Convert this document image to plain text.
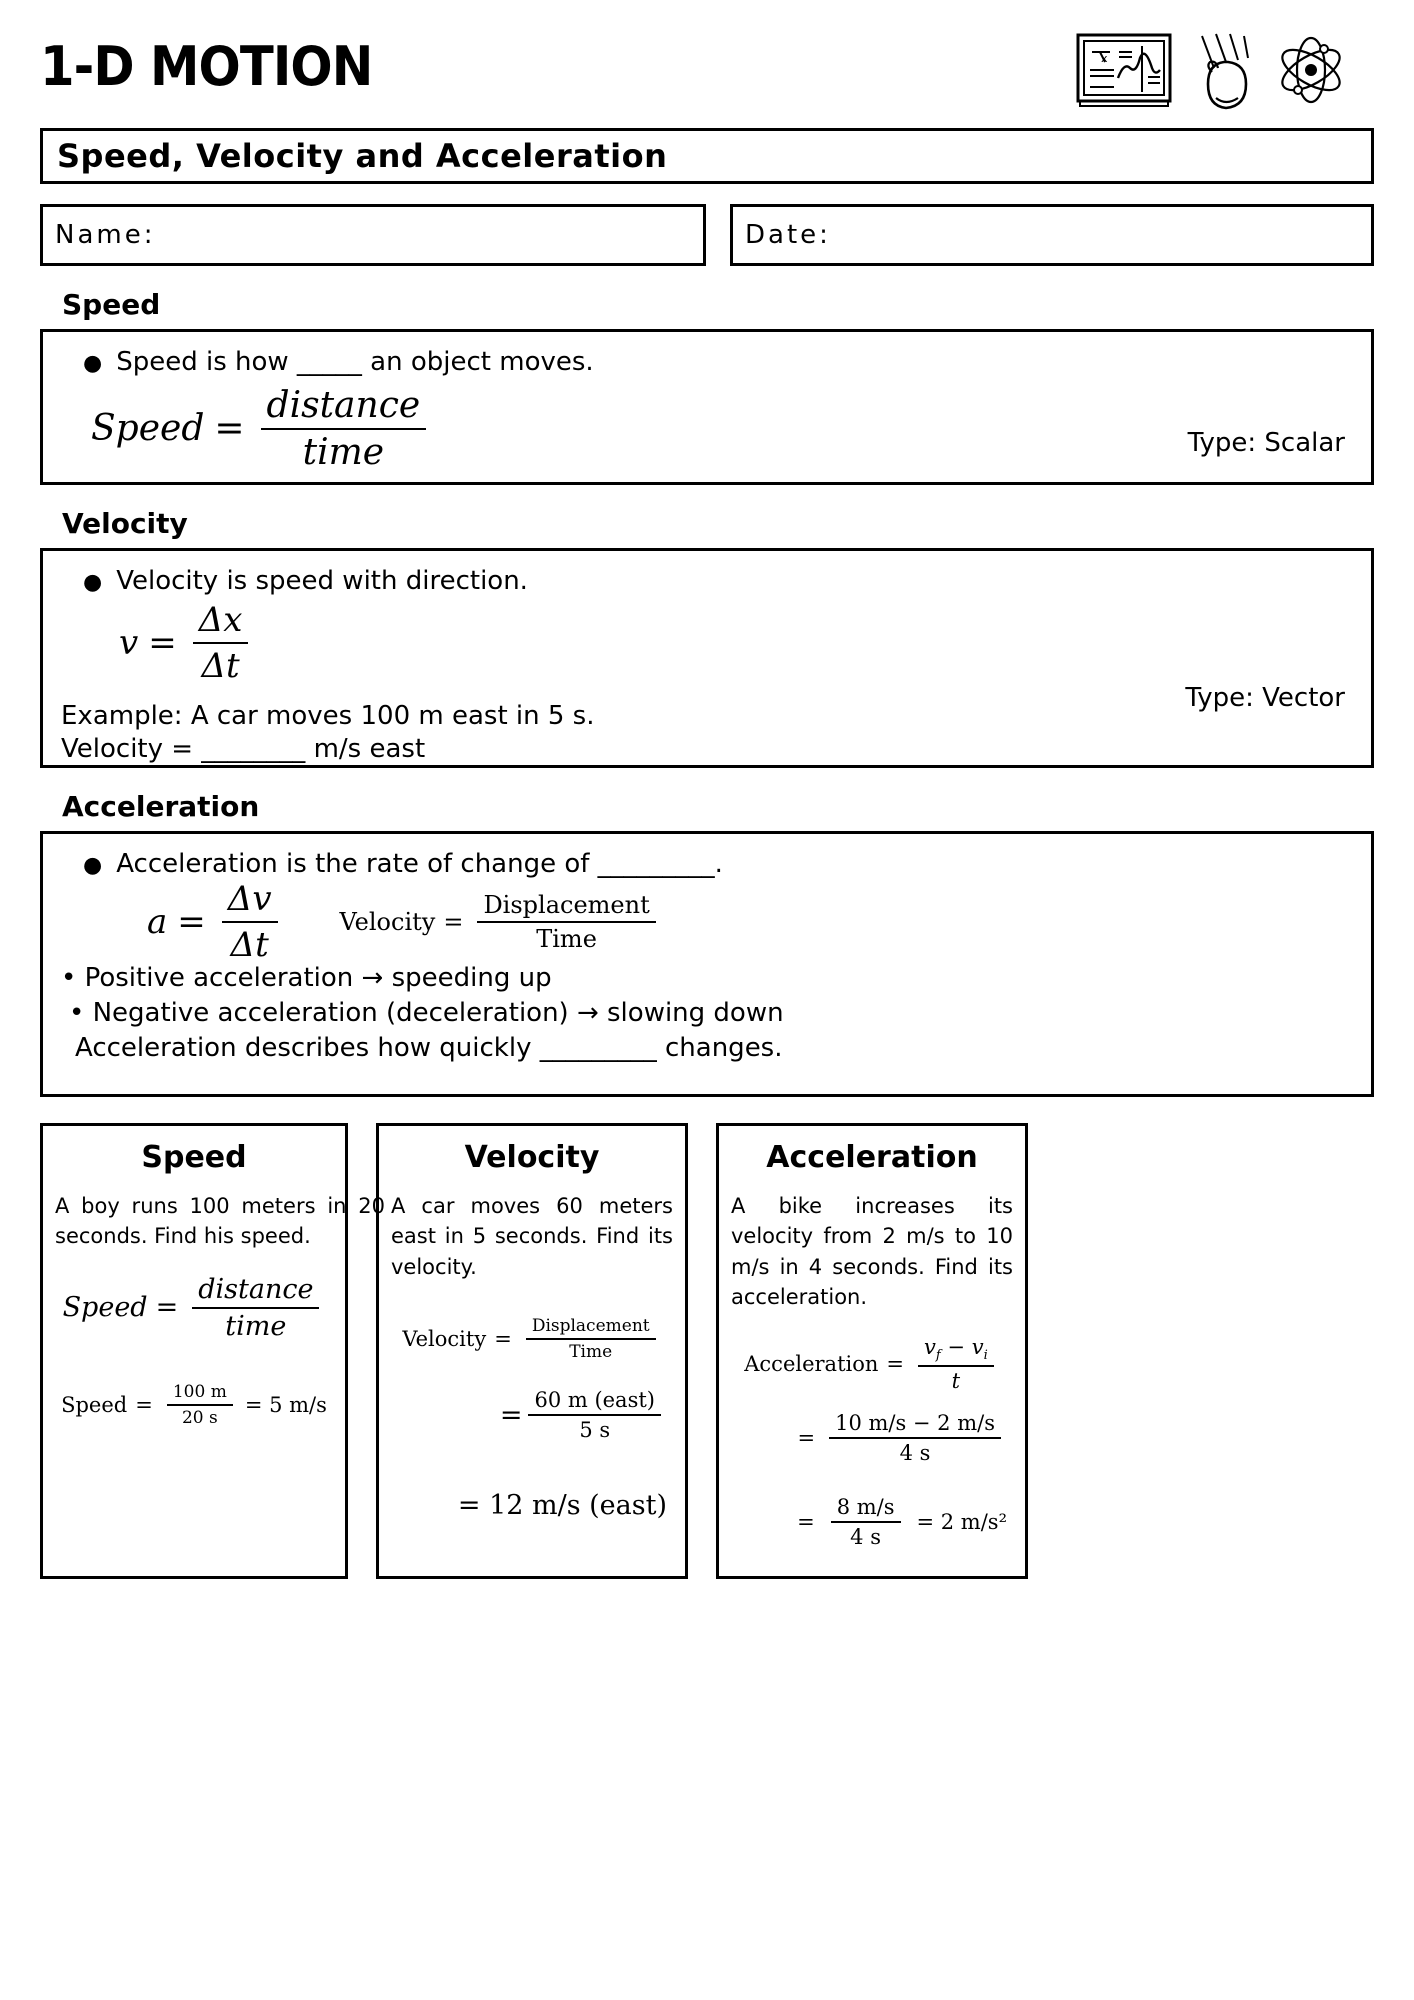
1-D MOTION	x
Speed, Velocity and Acceleration
Name:	Date:
Speed
● Speed is how _____ an object moves.
Speed = $\frac{\text{distance}}{\text{time}}$	Type: Scalar
Velocity
● Velocity is speed with direction.
$v = \frac{\Delta x}{\Delta t}$
Example: A car moves 100 m east in 5 s.
Velocity = ________ m/s east
Type: Vector
Acceleration
● Acceleration is the rate of change of _________.
$a = \frac{\Delta v}{\Delta t}$	Velocity = $\frac{\text{Displacement}}{\text{Time}}$
• Positive acceleration → speeding up
• Negative acceleration (deceleration) → slowing down
Acceleration describes how quickly _________ changes.
Speed
A boy runs 100 meters in 20 seconds. Find his speed.
Speed = $\frac{\text{distance}}{\text{time}}$
Speed = $\frac{100 m}{20 s} = 5$ m/s
Velocity
A car moves 60 meters east in 5 seconds. Find its velocity.
Velocity = $\frac{\text{Displacement}}{\text{Time}}$
= $\frac{\text{60 m (east)}}{5 s}$
= 12 m/s (east)
Acceleration
A bike increases its velocity from 2 m/s to 10 m/s in 4 seconds. Find its acceleration.
Acceleration = $\frac{v_f - v_i}{t}$
= $\frac{10 m/s - 2 m/s}{4 s}$
= $\frac{8 m/s}{4 s} = 2$ m/s²
